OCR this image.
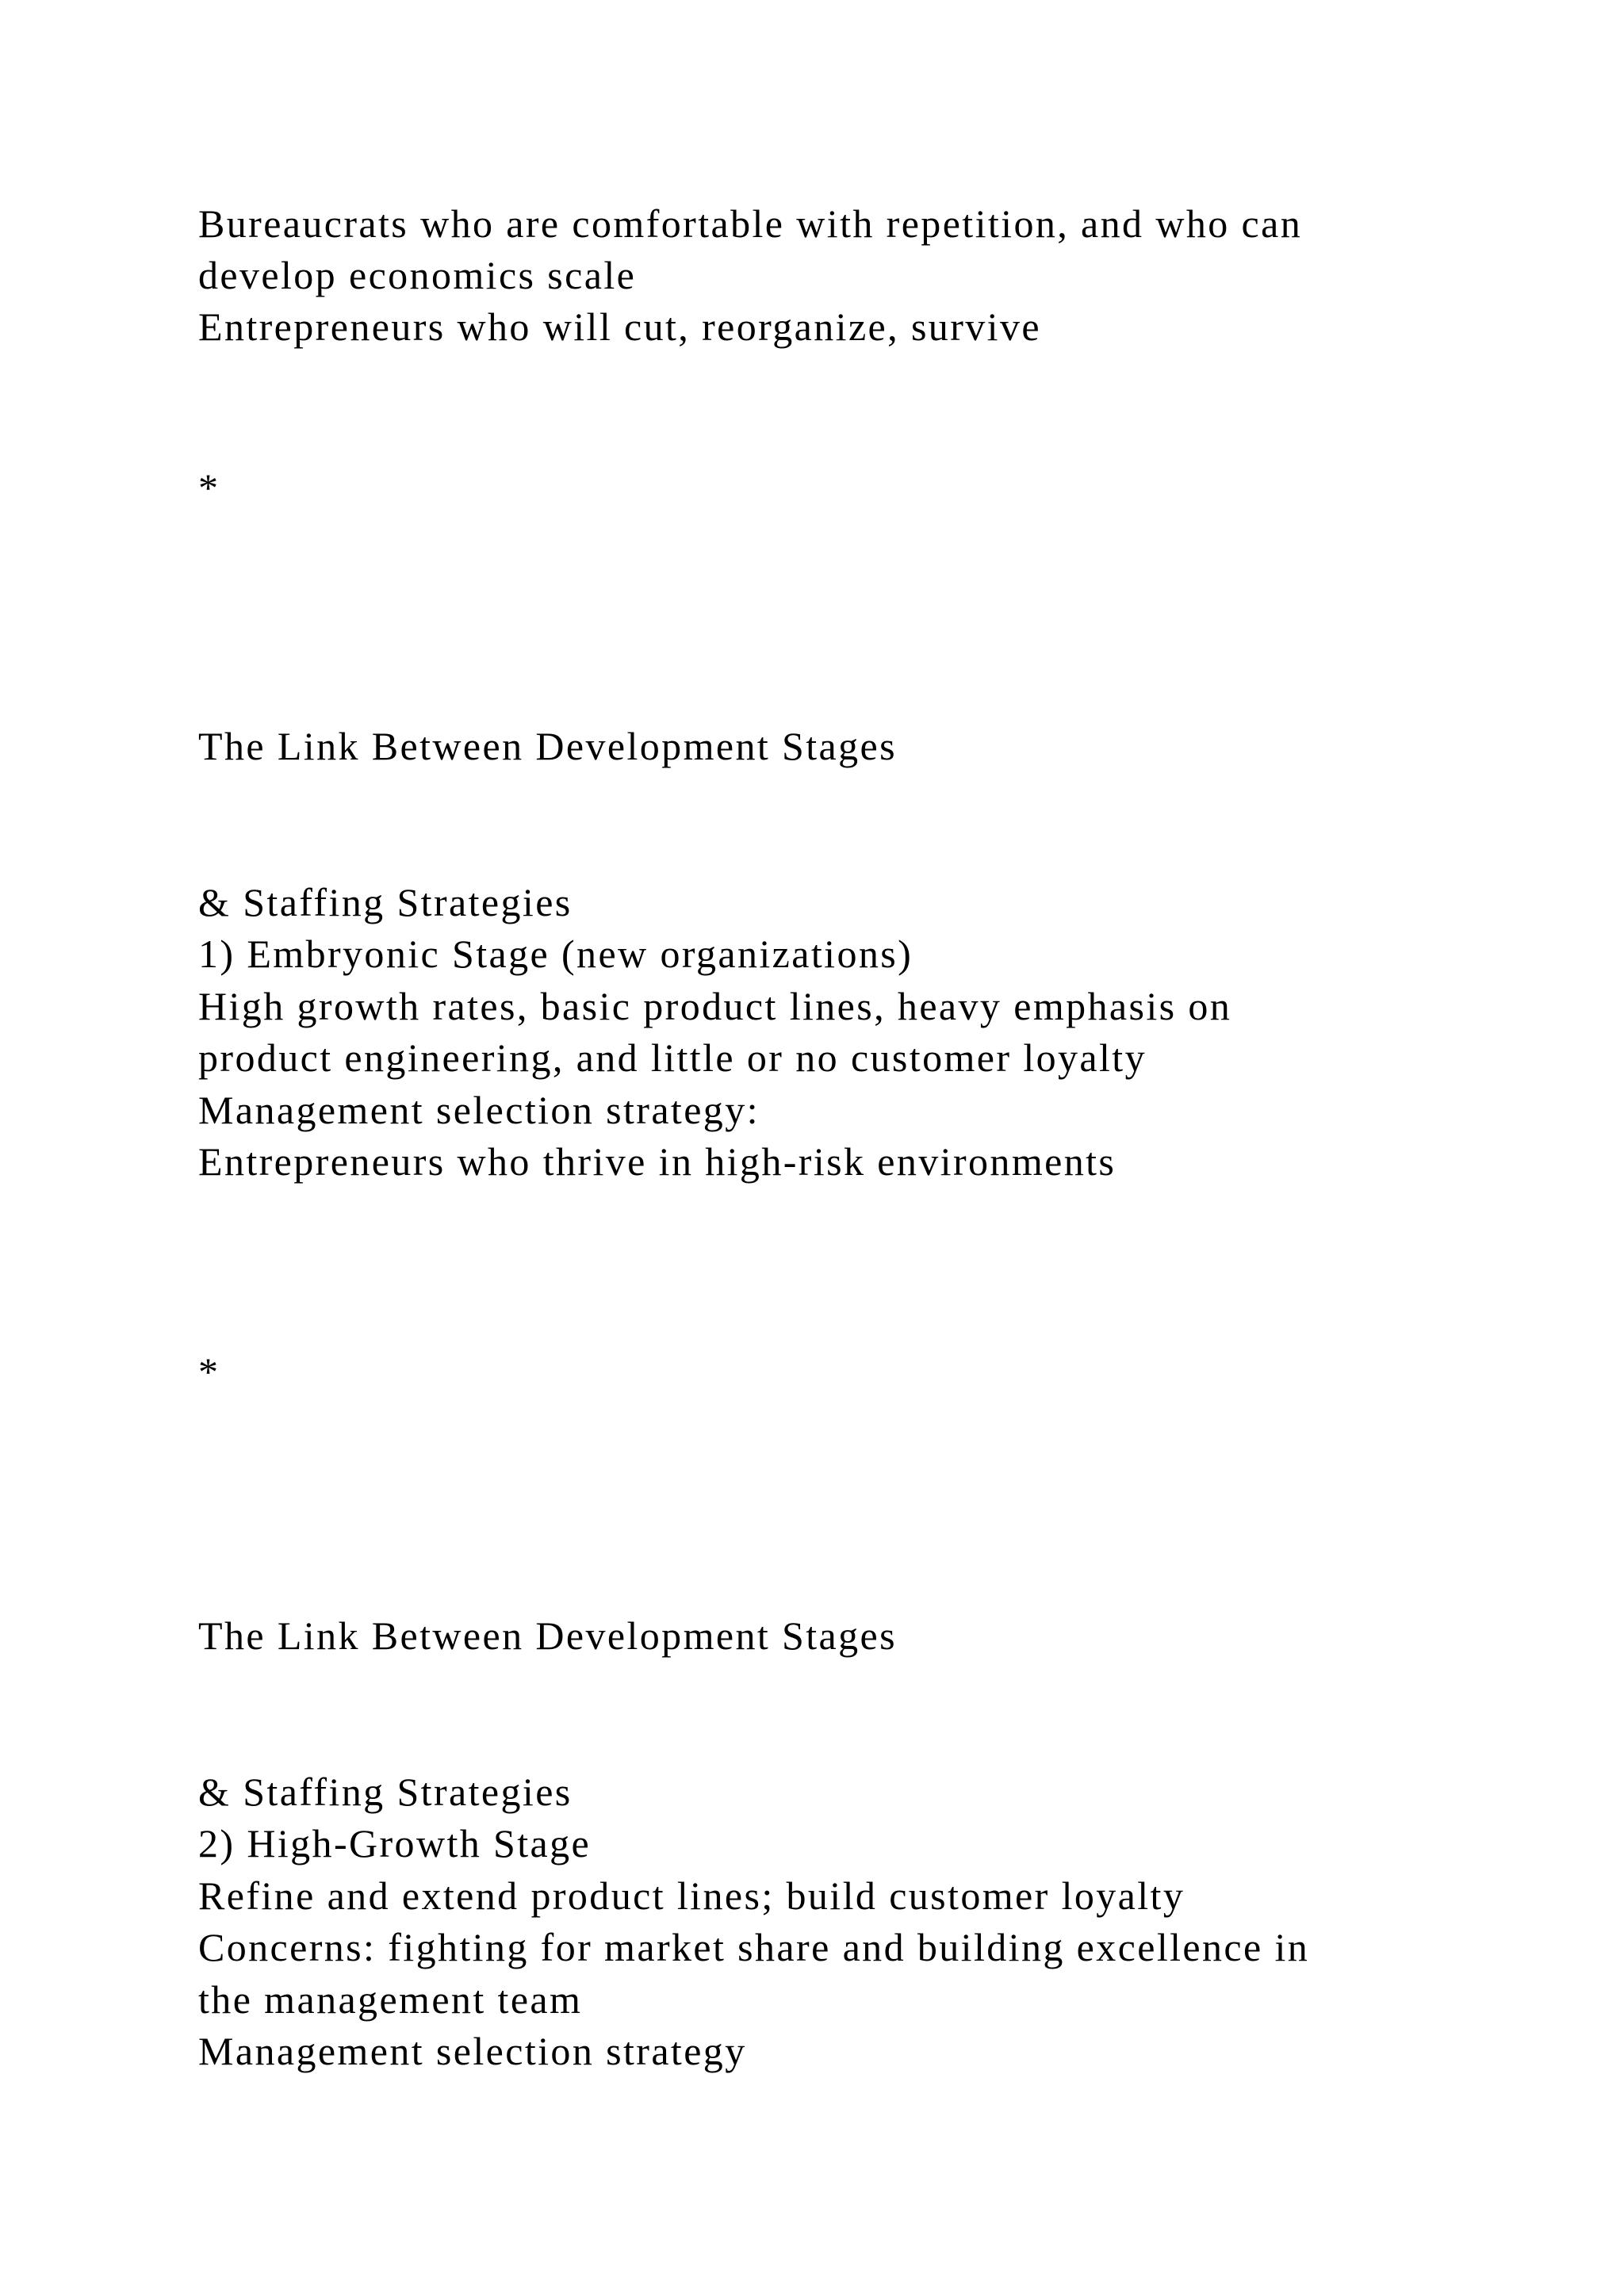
Bureaucrats who are comfortable with repetition, and who can

develop economics scale

Entrepreneurs who will cut, reorganize, survive

*

The Link Between Development Stages

& Staffing Strategies

1) Embryonic Stage (new organizations)

High growth rates, basic product lines, heavy emphasis on

product engineering, and little or no customer loyalty

Management selection strategy:

Entrepreneurs who thrive in high-risk environments

*

The Link Between Development Stages

& Staffing Strategies

2) High-Growth Stage

Refine and extend product lines; build customer loyalty

Concerns: fighting for market share and building excellence in

the management team

Management selection strategy
